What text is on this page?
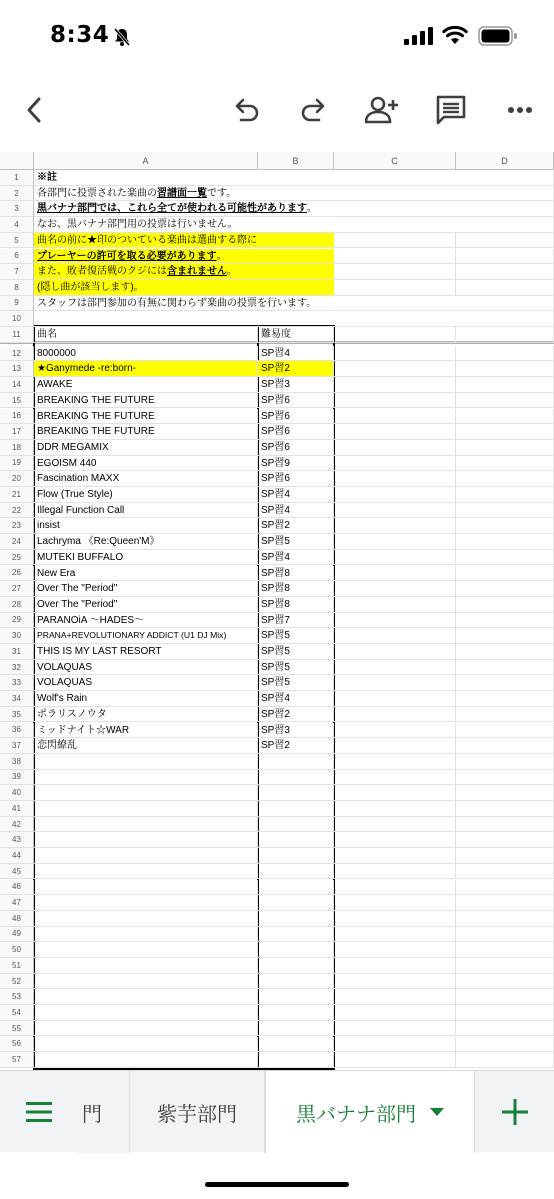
8:34
A	B	C	D
1	※註
2	各部門に投票された楽曲の習譜面一覧です。
3	黒バナナ部門では、これら全てが使われる可能性があります。
4	なお、黒バナナ部門用の投票は行いません。
5	曲名の前に★印のついている楽曲は選曲する際に
6	プレーヤーの許可を取る必要があります。
7	また、敗者復活戦のクジには含まれません。
8	(隠し曲が該当します)。
9	スタッフは部門参加の有無に関わらず楽曲の投票を行います。
10
11	曲名	難易度
12	8000000	SP習4
13	★Ganymede -re:born-	SP習2
14	AWAKE	SP習3
15	BREAKING THE FUTURE	SP習6
16	BREAKING THE FUTURE	SP習6
17	BREAKING THE FUTURE	SP習6
18	DDR MEGAMIX	SP習6
19	EGOISM 440	SP習9
20	Fascination MAXX	SP習6
21	Flow (True Style)	SP習4
22	Illegal Function Call	SP習4
23	insist	SP習2
24	Lachryma 《Re:Queen'M》	SP習5
25	MUTEKI BUFFALO	SP習4
26	New Era	SP習8
27	Over The "Period"	SP習8
28	Over The "Period"	SP習8
29	PARANOiA 〜HADES〜	SP習7
30	PRANA+REVOLUTIONARY ADDICT (U1 DJ Mix)	SP習5
31	THIS IS MY LAST RESORT	SP習5
32	VOLAQUAS	SP習5
33	VOLAQUAS	SP習5
34	Wolf's Rain	SP習4
35	ポラリスノウタ	SP習2
36	ミッドナイト☆WAR	SP習3
37	恋閃繚乱	SP習2
38
39
40
41
42
43
44
45
46
47
48
49
50
51
52
53
54
55
56
57
門	紫芋部門	黒バナナ部門
